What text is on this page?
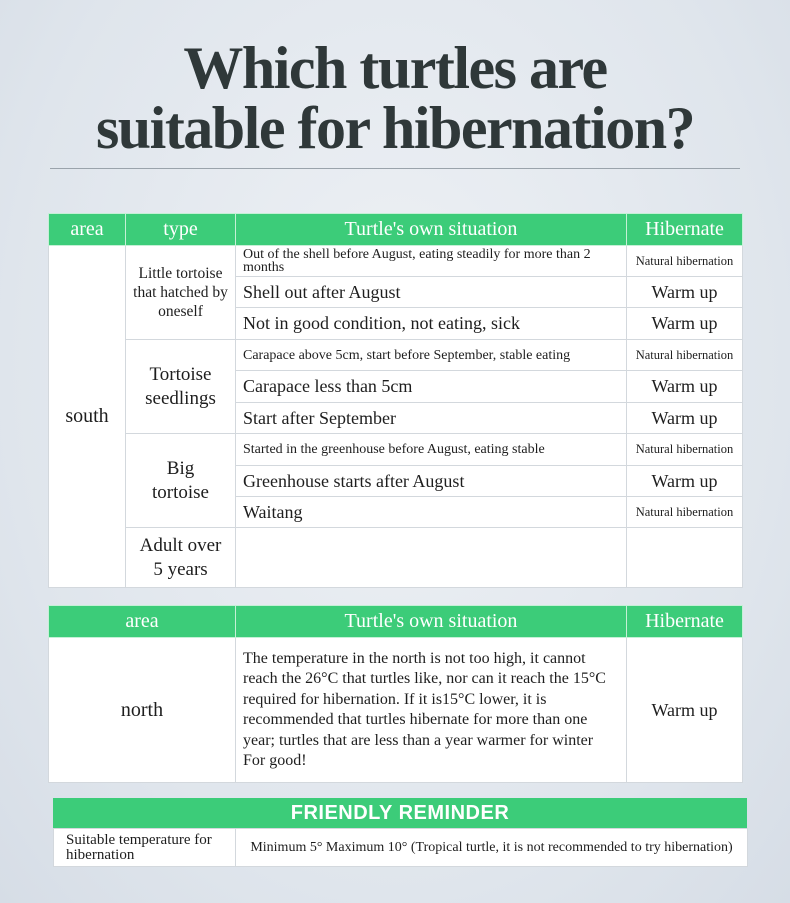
Which turtles are
suitable for hibernation?
area	type	Turtle's own situation	Hibernate
south	Little tortoise that hatched by oneself	Out of the shell before August, eating steadily for more than 2 months	Natural hibernation
		Shell out after August	Warm up
		Not in good condition, not eating, sick	Warm up
	Tortoise seedlings	Carapace above 5cm, start before September, stable eating	Natural hibernation
		Carapace less than 5cm	Warm up
		Start after September	Warm up
	Big tortoise	Started in the greenhouse before August, eating stable	Natural hibernation
		Greenhouse starts after August	Warm up
		Waitang	Natural hibernation
	Adult over 5 years		
area	Turtle's own situation	Hibernate
north	The temperature in the north is not too high, it cannot reach the 26°C that turtles like, nor can it reach the 15°C required for hibernation. If it is15°C lower, it is recommended that turtles hibernate for more than one year; turtles that are less than a year warmer for winter For good!	Warm up
FRIENDLY REMINDER
Suitable temperature for hibernation	Minimum 5° Maximum 10° (Tropical turtle, it is not recommended to try hibernation)
